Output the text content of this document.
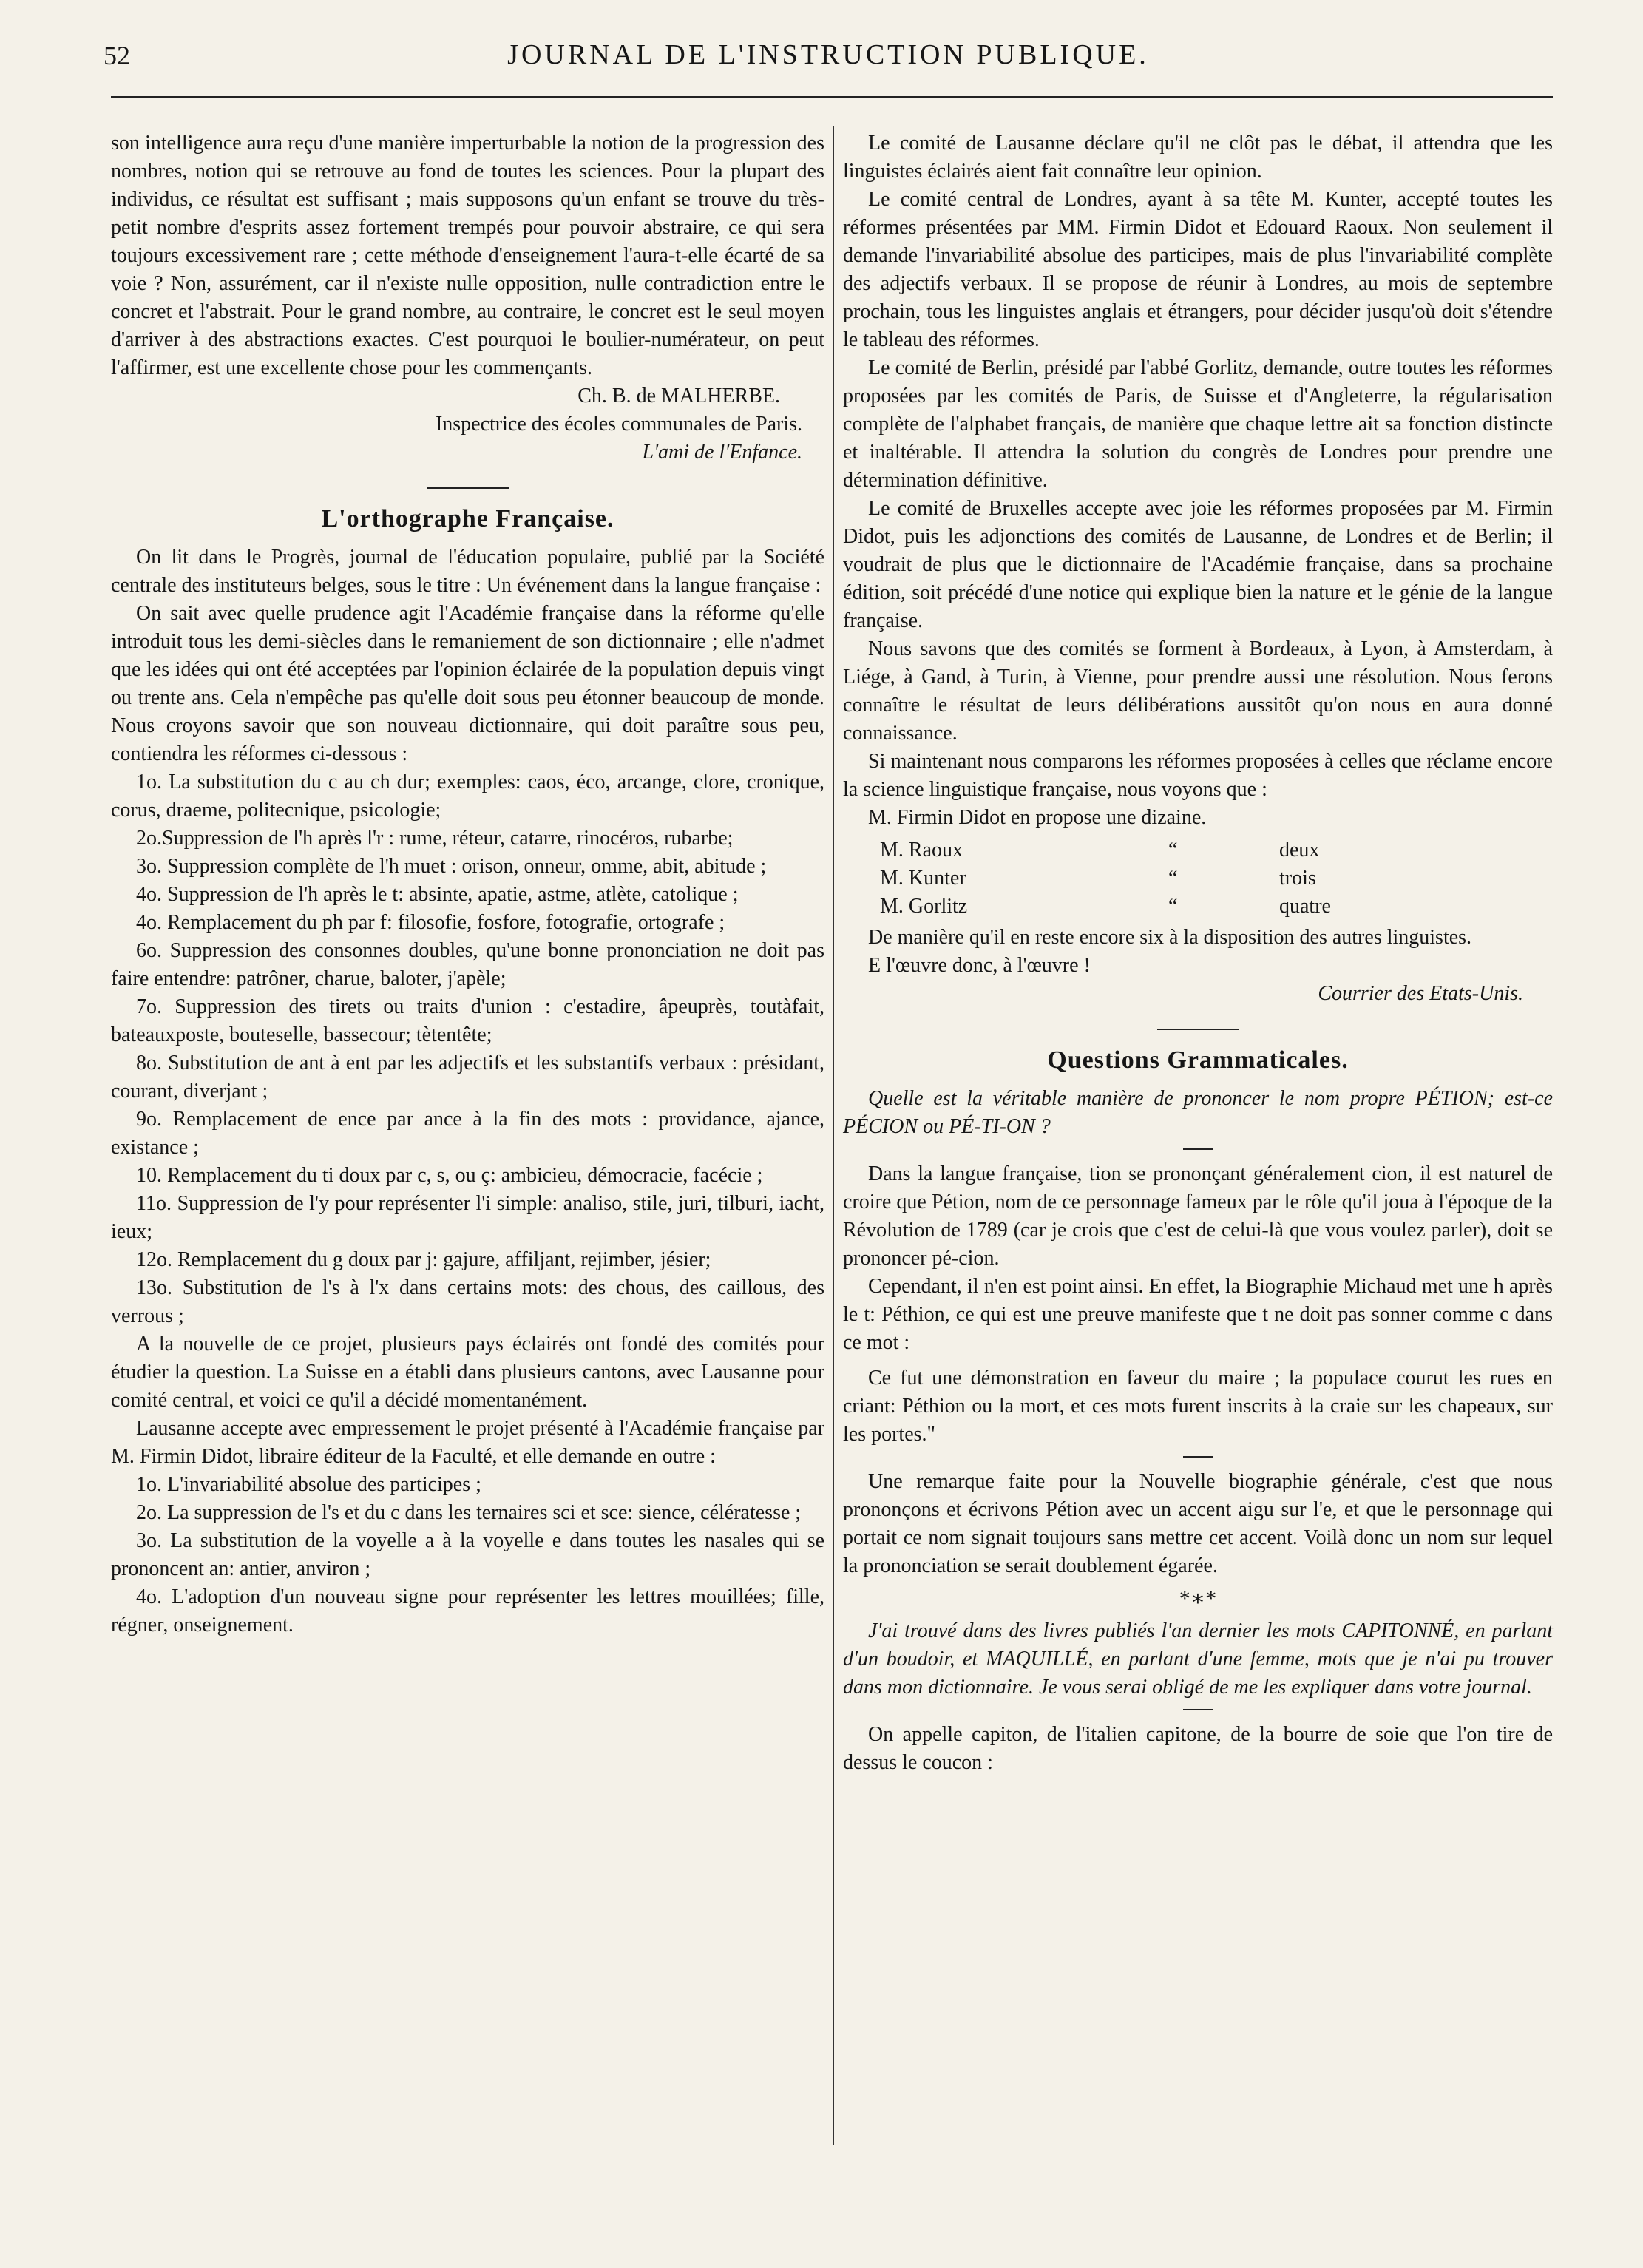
52	JOURNAL DE L'INSTRUCTION PUBLIQUE.

son intelligence aura reçu d'une manière imperturbable la notion de la progression des nombres, notion qui se retrouve au fond de toutes les sciences. Pour la plupart des individus, ce résultat est suffisant ; mais supposons qu'un enfant se trouve du très-petit nombre d'esprits assez fortement trempés pour pouvoir abstraire, ce qui sera toujours excessivement rare ; cette méthode d'enseignement l'aura-t-elle écarté de sa voie ? Non, assurément, car il n'existe nulle opposition, nulle contradiction entre le concret et l'abstrait. Pour le grand nombre, au contraire, le concret est le seul moyen d'arriver à des abstractions exactes. C'est pourquoi le boulier-numérateur, on peut l'affirmer, est une excellente chose pour les commençants.

Ch. B. de MALHERBE.

Inspectrice des écoles communales de Paris.

L'ami de l'Enfance.

L'orthographe Française.

On lit dans le Progrès, journal de l'éducation populaire, publié par la Société centrale des instituteurs belges, sous le titre : Un événement dans la langue française :

On sait avec quelle prudence agit l'Académie française dans la réforme qu'elle introduit tous les demi-siècles dans le remaniement de son dictionnaire ; elle n'admet que les idées qui ont été acceptées par l'opinion éclairée de la population depuis vingt ou trente ans. Cela n'empêche pas qu'elle doit sous peu étonner beaucoup de monde. Nous croyons savoir que son nouveau dictionnaire, qui doit paraître sous peu, contiendra les réformes ci-dessous :

1o. La substitution du c au ch dur; exemples: caos, éco, arcange, clore, cronique, corus, draeme, politecnique, psicologie;

2o.Suppression de l'h après l'r : rume, réteur, catarre, rinocéros, rubarbe;

3o. Suppression complète de l'h muet : orison, onneur, omme, abit, abitude ;

4o. Suppression de l'h après le t: absinte, apatie, astme, atlète, catolique ;

4o. Remplacement du ph par f: filosofie, fosfore, fotografie, ortografe ;

6o. Suppression des consonnes doubles, qu'une bonne prononciation ne doit pas faire entendre: patrôner, charue, baloter, j'apèle;

7o. Suppression des tirets ou traits d'union : c'estadire, âpeuprès, toutàfait, bateauxposte, bouteselle, bassecour; tètentête;

8o. Substitution de ant à ent par les adjectifs et les substantifs verbaux : présidant, courant, diverjant ;

9o. Remplacement de ence par ance à la fin des mots : providance, ajance, existance ;

10. Remplacement du ti doux par c, s, ou ç: ambicieu, démocracie, facécie ;

11o. Suppression de l'y pour représenter l'i simple: analiso, stile, juri, tilburi, iacht, ieux;

12o. Remplacement du g doux par j: gajure, affiljant, rejimber, jésier;

13o. Substitution de l's à l'x dans certains mots: des chous, des caillous, des verrous ;

A la nouvelle de ce projet, plusieurs pays éclairés ont fondé des comités pour étudier la question. La Suisse en a établi dans plusieurs cantons, avec Lausanne pour comité central, et voici ce qu'il a décidé momentanément.

Lausanne accepte avec empressement le projet présenté à l'Académie française par M. Firmin Didot, libraire éditeur de la Faculté, et elle demande en outre :

1o. L'invariabilité absolue des participes ;

2o. La suppression de l's et du c dans les ternaires sci et sce: sience, célératesse ;

3o. La substitution de la voyelle a à la voyelle e dans toutes les nasales qui se prononcent an: antier, anviron ;

4o. L'adoption d'un nouveau signe pour représenter les lettres mouillées; fille, régner, onseignement.

Le comité de Lausanne déclare qu'il ne clôt pas le débat, il attendra que les linguistes éclairés aient fait connaître leur opinion.

Le comité central de Londres, ayant à sa tête M. Kunter, accepté toutes les réformes présentées par MM. Firmin Didot et Edouard Raoux. Non seulement il demande l'invariabilité absolue des participes, mais de plus l'invariabilité complète des adjectifs verbaux. Il se propose de réunir à Londres, au mois de septembre prochain, tous les linguistes anglais et étrangers, pour décider jusqu'où doit s'étendre le tableau des réformes.

Le comité de Berlin, présidé par l'abbé Gorlitz, demande, outre toutes les réformes proposées par les comités de Paris, de Suisse et d'Angleterre, la régularisation complète de l'alphabet français, de manière que chaque lettre ait sa fonction distincte et inaltérable. Il attendra la solution du congrès de Londres pour prendre une détermination définitive.

Le comité de Bruxelles accepte avec joie les réformes proposées par M. Firmin Didot, puis les adjonctions des comités de Lausanne, de Londres et de Berlin; il voudrait de plus que le dictionnaire de l'Académie française, dans sa prochaine édition, soit précédé d'une notice qui explique bien la nature et le génie de la langue française.

Nous savons que des comités se forment à Bordeaux, à Lyon, à Amsterdam, à Liége, à Gand, à Turin, à Vienne, pour prendre aussi une résolution. Nous ferons connaître le résultat de leurs délibérations aussitôt qu'on nous en aura donné connaissance.

Si maintenant nous comparons les réformes proposées à celles que réclame encore la science linguistique française, nous voyons que :

M. Firmin Didot en propose une dizaine.

M. Raoux	“	deux
M. Kunter	“	trois
M. Gorlitz	“	quatre

De manière qu'il en reste encore six à la disposition des autres linguistes.

E l'œuvre donc, à l'œuvre !

Courrier des Etats-Unis.

Questions Grammaticales.

Quelle est la véritable manière de prononcer le nom propre PÉTION; est-ce PÉCION ou PÉ-TI-ON ?

Dans la langue française, tion se prononçant généralement cion, il est naturel de croire que Pétion, nom de ce personnage fameux par le rôle qu'il joua à l'époque de la Révolution de 1789 (car je crois que c'est de celui-là que vous voulez parler), doit se prononcer pé-cion.

Cependant, il n'en est point ainsi. En effet, la Biographie Michaud met une h après le t: Péthion, ce qui est une preuve manifeste que t ne doit pas sonner comme c dans ce mot :

Ce fut une démonstration en faveur du maire ; la populace courut les rues en criant: Péthion ou la mort, et ces mots furent inscrits à la craie sur les chapeaux, sur les portes."

Une remarque faite pour la Nouvelle biographie générale, c'est que nous prononçons et écrivons Pétion avec un accent aigu sur l'e, et que le personnage qui portait ce nom signait toujours sans mettre cet accent. Voilà donc un nom sur lequel la prononciation se serait doublement égarée.

*∗*

J'ai trouvé dans des livres publiés l'an dernier les mots CAPITONNÉ, en parlant d'un boudoir, et MAQUILLÉ, en parlant d'une femme, mots que je n'ai pu trouver dans mon dictionnaire. Je vous serai obligé de me les expliquer dans votre journal.

On appelle capiton, de l'italien capitone, de la bourre de soie que l'on tire de dessus le coucon :
